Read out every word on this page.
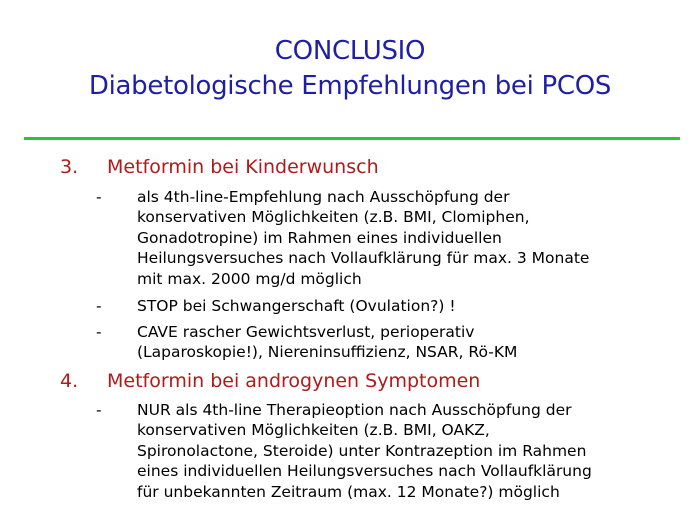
CONCLUSIO
Diabetologische Empfehlungen bei PCOS
3. Metformin bei Kinderwunsch
- als 4th-line-Empfehlung nach Ausschöpfung der
konservativen Möglichkeiten (z.B. BMI, Clomiphen,
Gonadotropine) im Rahmen eines individuellen
Heilungsversuches nach Vollaufklärung für max. 3 Monate
mit max. 2000 mg/d möglich
- STOP bei Schwangerschaft (Ovulation?) !
- CAVE rascher Gewichtsverlust, perioperativ
(Laparoskopie!), Niereninsuffizienz, NSAR, Rö-KM
4. Metformin bei androgynen Symptomen
- NUR als 4th-line Therapieoption nach Ausschöpfung der
konservativen Möglichkeiten (z.B. BMI, OAKZ,
Spironolactone, Steroide) unter Kontrazeption im Rahmen
eines individuellen Heilungsversuches nach Vollaufklärung
für unbekannten Zeitraum (max. 12 Monate?) möglich
